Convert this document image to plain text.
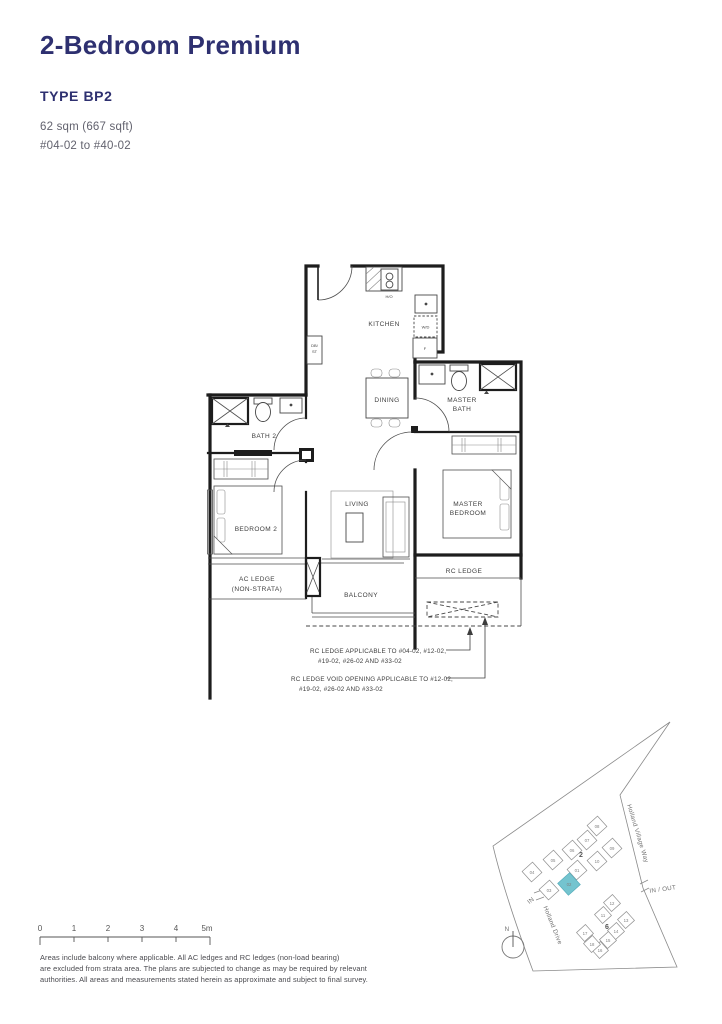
2-Bedroom Premium
TYPE BP2
62 sqm (667 sqft)
#04-02 to #40-02
KITCHEN
DINING
LIVING
BALCONY
BEDROOM 2
BATH 2
MASTER
BATH
MASTER
BEDROOM
RC LEDGE
AC LEDGE
(NON-STRATA)
H/O
W/D
F
DB/
ST
RC LEDGE APPLICABLE TO #04-02, #12-02,
#19-02, #26-02 AND #33-02
RC LEDGE VOID OPENING APPLICABLE TO #12-02,
#19-02, #26-02 AND #33-02
08
07
06
05
04
09
10
01
02
03
2
12
11
13
14
15
16
17
18
6
Holland Village Way
Holland Drive
IN / OUT
IN
N
0	1	2	3	4	5m
Areas include balcony where applicable. All AC ledges and RC ledges (non-load bearing)
are excluded from strata area. The plans are subjected to change as may be required by relevant
authorities. All areas and measurements stated herein as approximate and subject to final survey.
